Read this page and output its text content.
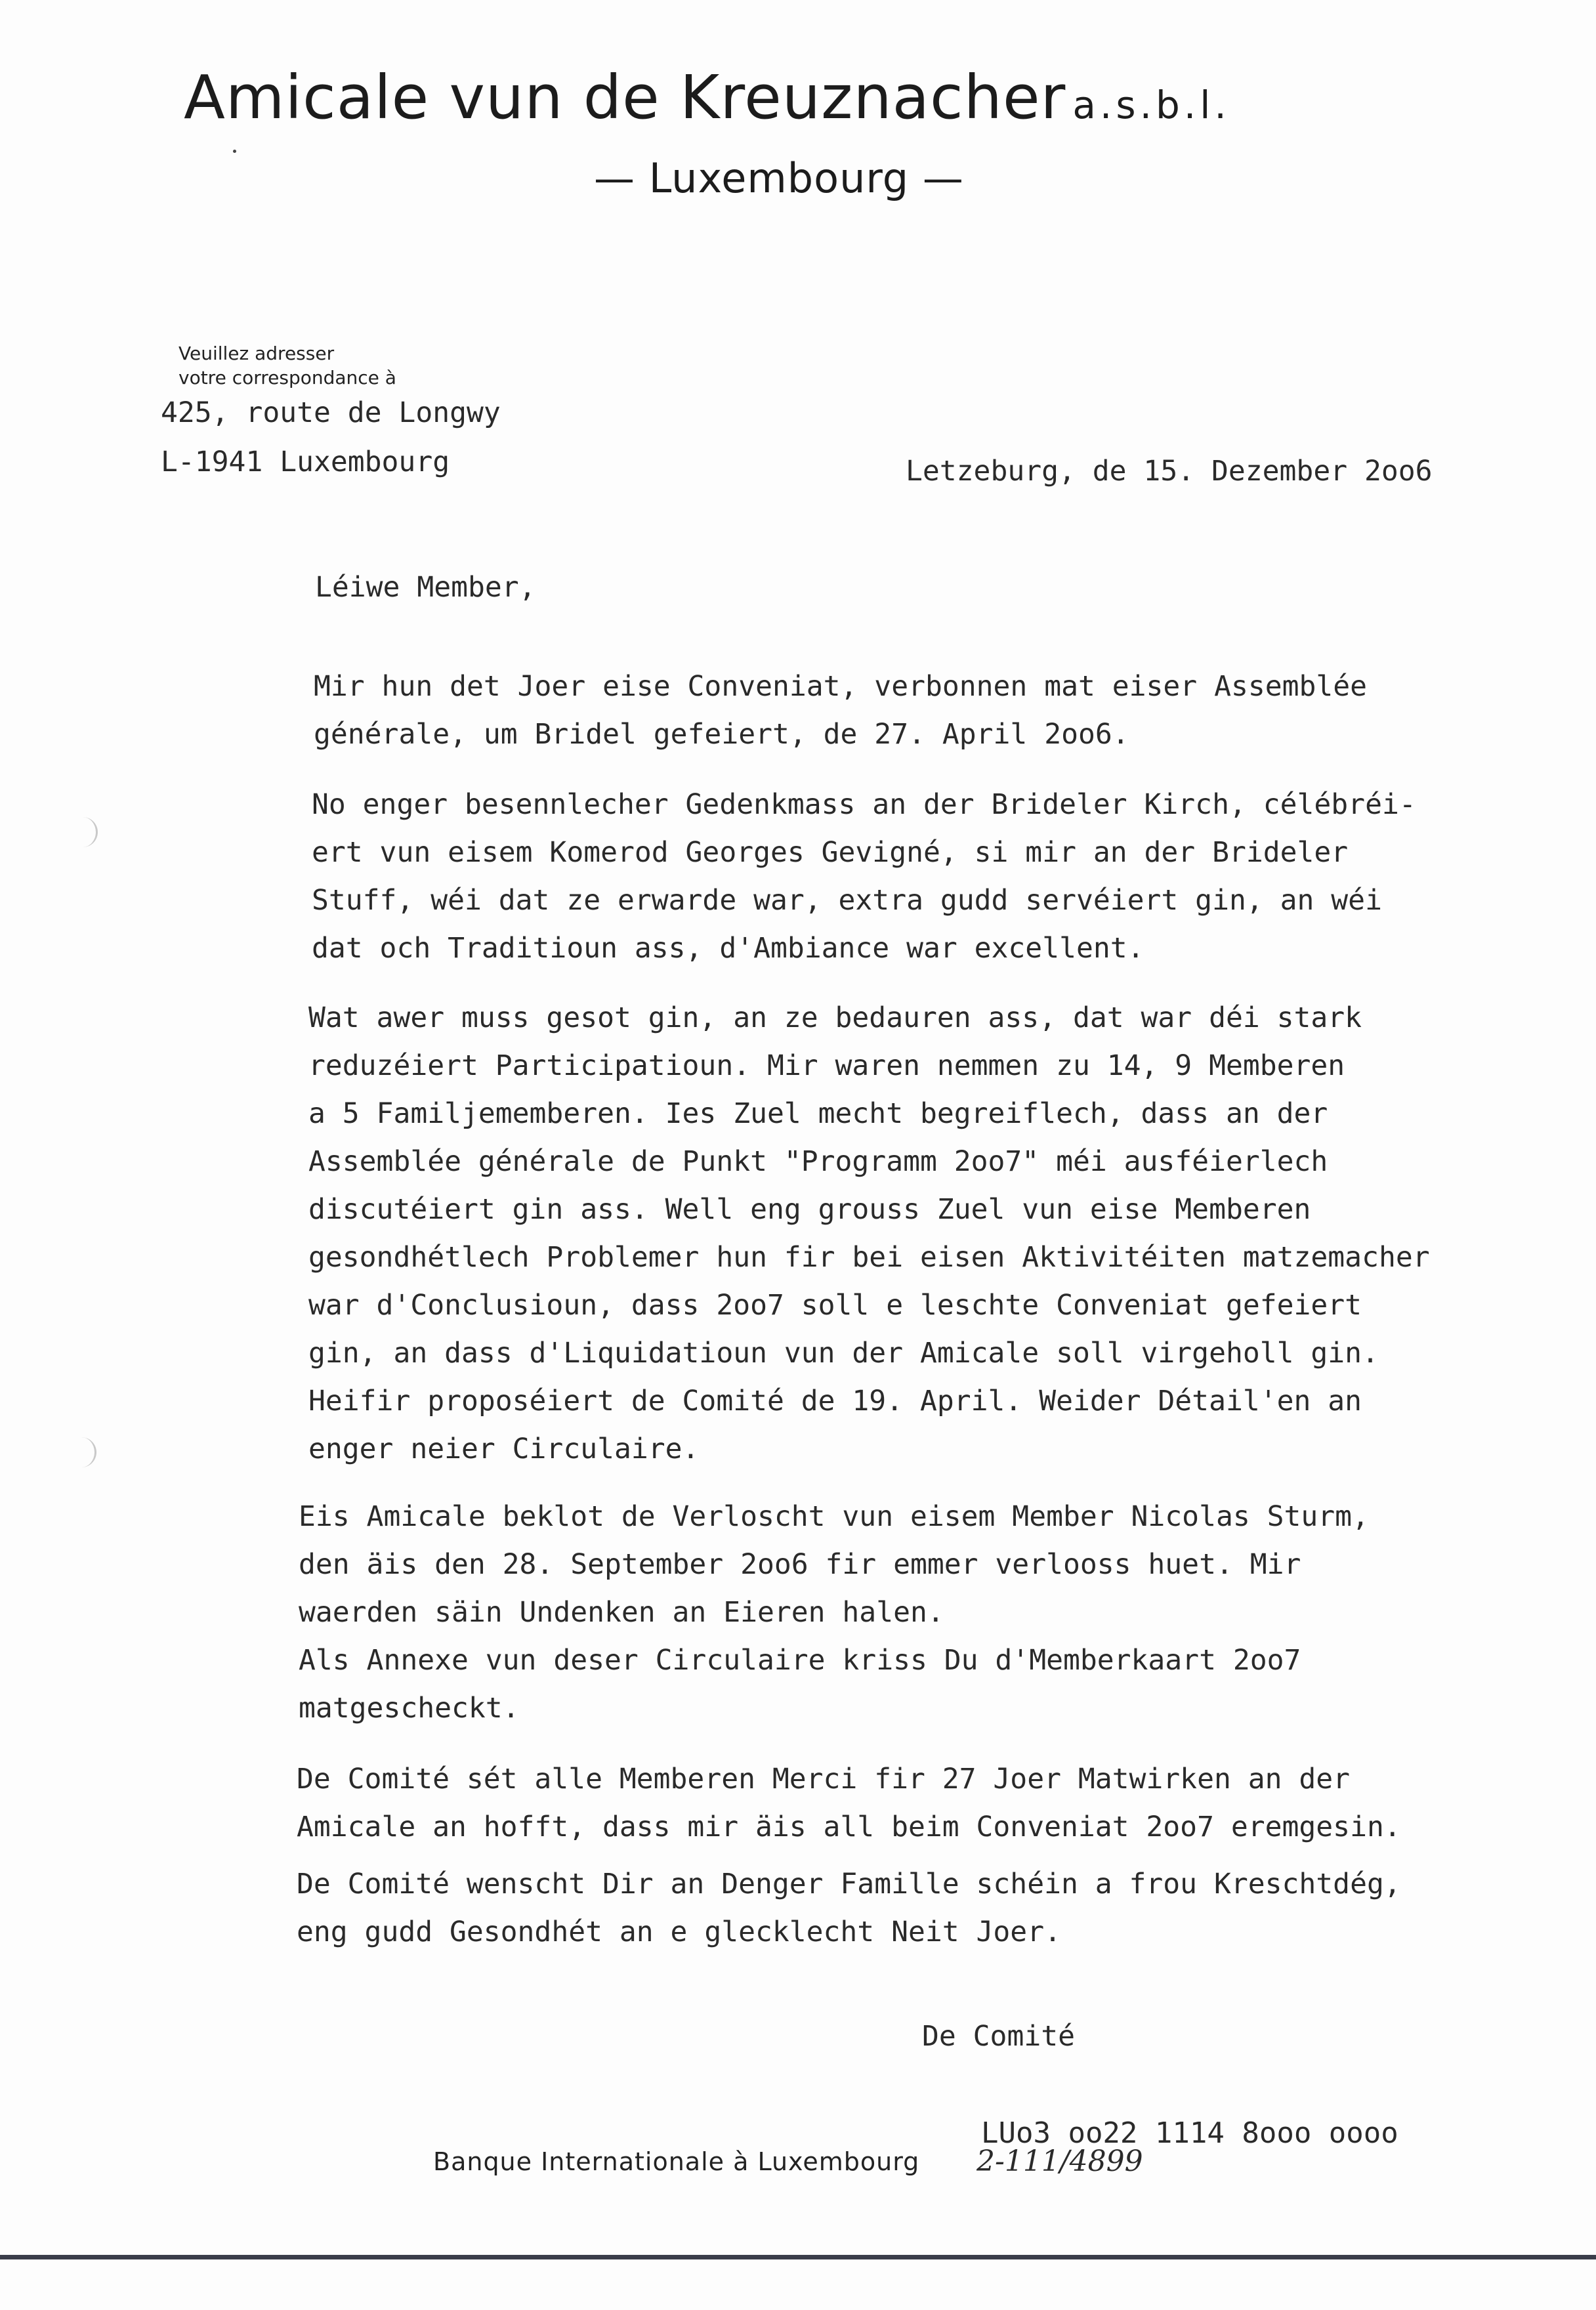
Amicale vun de Kreuznacher a.s.b.l.
— Luxembourg —
Veuillez adresser
votre correspondance à
425, route de Longwy
L-1941 Luxembourg	Letzeburg, de 15. Dezember 2oo6
Léiwe Member,
Mir hun det Joer eise Conveniat, verbonnen mat eiser Assemblée
générale, um Bridel gefeiert, de 27. April 2oo6.
No enger besennlecher Gedenkmass an der Brideler Kirch, célébréi-
ert vun eisem Komerod Georges Gevigné, si mir an der Brideler
Stuff, wéi dat ze erwarde war, extra gudd servéiert gin, an wéi
dat och Traditioun ass, d'Ambiance war excellent.
Wat awer muss gesot gin, an ze bedauren ass, dat war déi stark
reduzéiert Participatioun. Mir waren nemmen zu 14, 9 Memberen
a 5 Familjememberen. Ies Zuel mecht begreiflech, dass an der
Assemblée générale de Punkt "Programm 2oo7" méi ausféierlech
discutéiert gin ass. Well eng grouss Zuel vun eise Memberen
gesondhétlech Problemer hun fir bei eisen Aktivitéiten matzemacher
war d'Conclusioun, dass 2oo7 soll e leschte Conveniat gefeiert
gin, an dass d'Liquidatioun vun der Amicale soll virgeholl gin.
Heifir proposéiert de Comité de 19. April. Weider Détail'en an
enger neier Circulaire.
Eis Amicale beklot de Verloscht vun eisem Member Nicolas Sturm,
den äis den 28. September 2oo6 fir emmer verlooss huet. Mir
waerden säin Undenken an Eieren halen.
Als Annexe vun deser Circulaire kriss Du d'Memberkaart 2oo7
matgescheckt.
De Comité sét alle Memberen Merci fir 27 Joer Matwirken an der
Amicale an hofft, dass mir äis all beim Conveniat 2oo7 eremgesin.
De Comité wenscht Dir an Denger Famille schéin a frou Kreschtdég,
eng gudd Gesondhét an e glecklecht Neit Joer.
De Comité
LUo3 oo22 1114 8ooo oooo
Banque Internationale à Luxembourg 2-111/4899
